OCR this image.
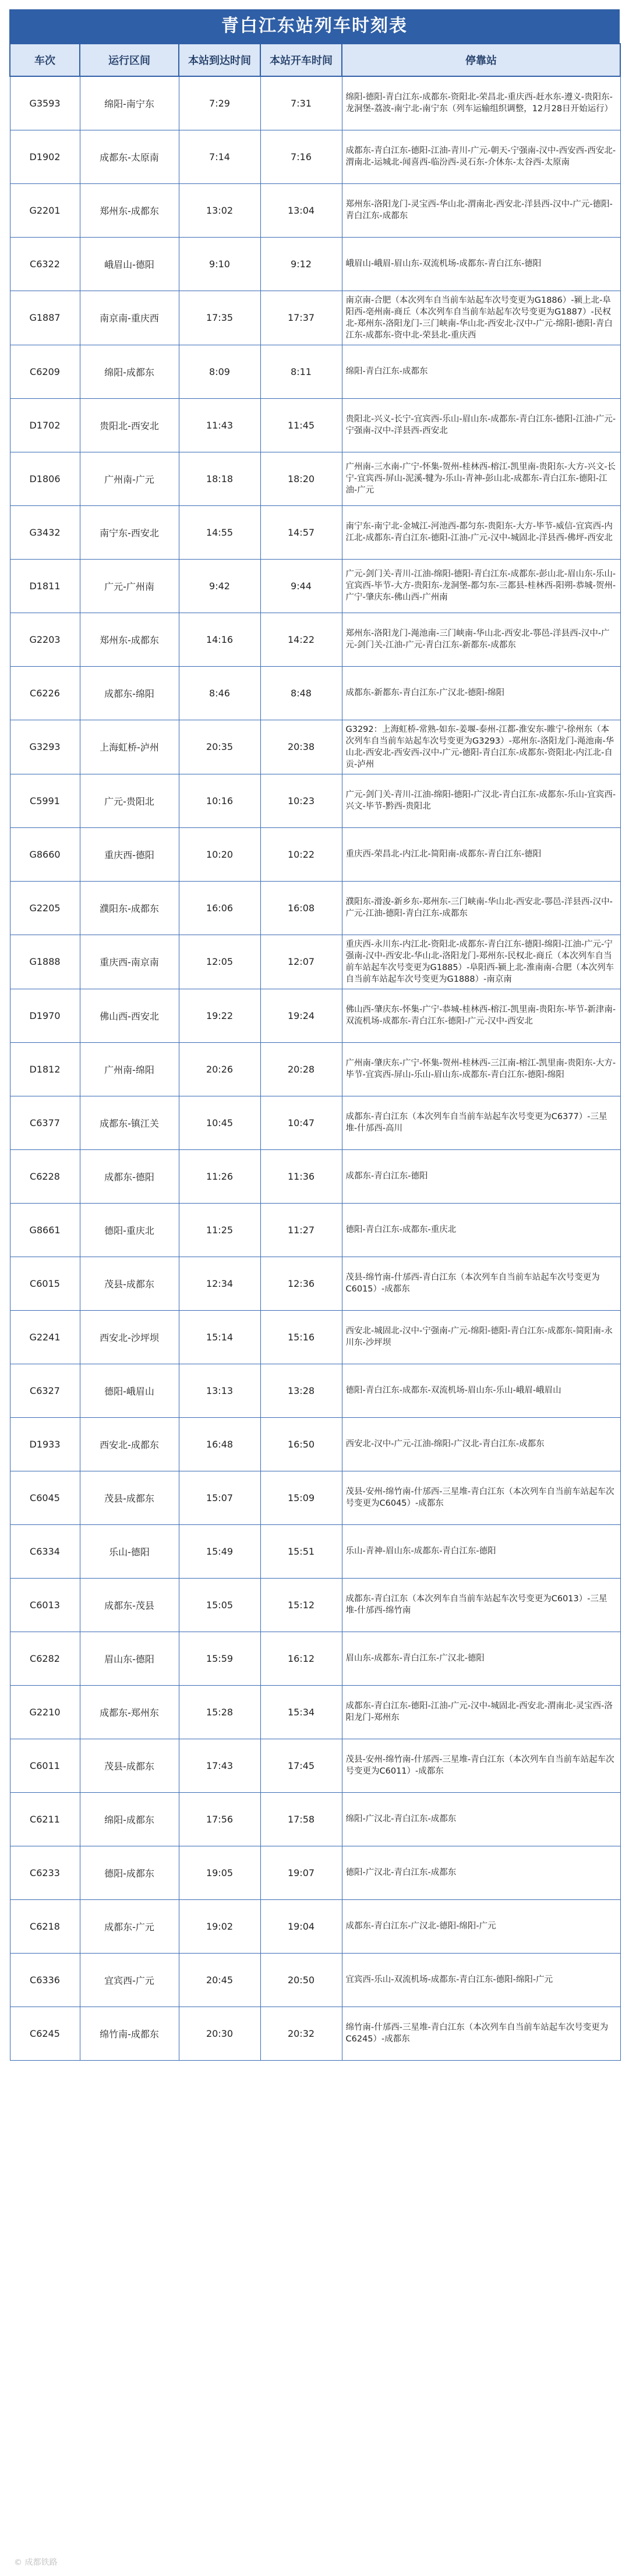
青白江东站列车时刻表
车次	运行区间	本站到达时间	本站开车时间	停靠站
G3593	绵阳-南宁东	7:29	7:31	绵阳-德阳-青白江东-成都东-资阳北-荣昌北-重庆西-赶水东-遵义-贵阳东-龙洞堡-荔波-南宁北-南宁东（列车运输组织调整，12月28日开始运行）
D1902	成都东-太原南	7:14	7:16	成都东-青白江东-德阳-江油-青川-广元-朝天-宁强南-汉中-西安西-西安北-渭南北-运城北-闻喜西-临汾西-灵石东-介休东-太谷西-太原南
G2201	郑州东-成都东	13:02	13:04	郑州东-洛阳龙门-灵宝西-华山北-渭南北-西安北-洋县西-汉中-广元-德阳-青白江东-成都东
C6322	峨眉山-德阳	9:10	9:12	峨眉山-峨眉-眉山东-双流机场-成都东-青白江东-德阳
G1887	南京南-重庆西	17:35	17:37	南京南-合肥（本次列车自当前车站起车次号变更为G1886）-颍上北-阜阳西-亳州南-商丘（本次列车自当前车站起车次号变更为G1887）-民权北-郑州东-洛阳龙门-三门峡南-华山北-西安北-汉中-广元-绵阳-德阳-青白江东-成都东-资中北-荣县北-重庆西
C6209	绵阳-成都东	8:09	8:11	绵阳-青白江东-成都东
D1702	贵阳北-西安北	11:43	11:45	贵阳北-兴义-长宁-宜宾西-乐山-眉山东-成都东-青白江东-德阳-江油-广元-宁强南-汉中-洋县西-西安北
D1806	广州南-广元	18:18	18:20	广州南-三水南-广宁-怀集-贺州-桂林西-榕江-凯里南-贵阳东-大方-兴文-长宁-宜宾西-屏山-泥溪-犍为-乐山-青神-彭山北-成都东-青白江东-德阳-江油-广元
G3432	南宁东-西安北	14:55	14:57	南宁东-南宁北-金城江-河池西-都匀东-贵阳东-大方-毕节-威信-宜宾西-内江北-成都东-青白江东-德阳-江油-广元-汉中-城固北-洋县西-佛坪-西安北
D1811	广元-广州南	9:42	9:44	广元-剑门关-青川-江油-绵阳-德阳-青白江东-成都东-彭山北-眉山东-乐山-宜宾西-毕节-大方-贵阳东-龙洞堡-都匀东-三都县-桂林西-阳朔-恭城-贺州-广宁-肇庆东-佛山西-广州南
G2203	郑州东-成都东	14:16	14:22	郑州东-洛阳龙门-渑池南-三门峡南-华山北-西安北-鄠邑-洋县西-汉中-广元-剑门关-江油-广元-青白江东-新都东-成都东
C6226	成都东-绵阳	8:46	8:48	成都东-新都东-青白江东-广汉北-德阳-绵阳
G3293	上海虹桥-泸州	20:35	20:38	G3292：上海虹桥-常熟-如东-姜堰-泰州-江都-淮安东-睢宁-徐州东（本次列车自当前车站起车次号变更为G3293）-郑州东-洛阳龙门-渑池南-华山北-西安北-西安西-汉中-广元-德阳-青白江东-成都东-资阳北-内江北-自贡-泸州
C5991	广元-贵阳北	10:16	10:23	广元-剑门关-青川-江油-绵阳-德阳-广汉北-青白江东-成都东-乐山-宜宾西-兴文-毕节-黔西-贵阳北
G8660	重庆西-德阳	10:20	10:22	重庆西-荣昌北-内江北-简阳南-成都东-青白江东-德阳
G2205	濮阳东-成都东	16:06	16:08	濮阳东-滑浚-新乡东-郑州东-三门峡南-华山北-西安北-鄠邑-洋县西-汉中-广元-江油-德阳-青白江东-成都东
G1888	重庆西-南京南	12:05	12:07	重庆西-永川东-内江北-资阳北-成都东-青白江东-德阳-绵阳-江油-广元-宁强南-汉中-西安北-华山北-洛阳龙门-郑州东-民权北-商丘（本次列车自当前车站起车次号变更为G1885）-阜阳西-颍上北-淮南南-合肥（本次列车自当前车站起车次号变更为G1888）-南京南
D1970	佛山西-西安北	19:22	19:24	佛山西-肇庆东-怀集-广宁-恭城-桂林西-榕江-凯里南-贵阳东-毕节-新津南-双流机场-成都东-青白江东-德阳-广元-汉中-西安北
D1812	广州南-绵阳	20:26	20:28	广州南-肇庆东-广宁-怀集-贺州-桂林西-三江南-榕江-凯里南-贵阳东-大方-毕节-宜宾西-屏山-乐山-眉山东-成都东-青白江东-德阳-绵阳
C6377	成都东-镇江关	10:45	10:47	成都东-青白江东（本次列车自当前车站起车次号变更为C6377）-三星堆-什邡西-高川
C6228	成都东-德阳	11:26	11:36	成都东-青白江东-德阳
G8661	德阳-重庆北	11:25	11:27	德阳-青白江东-成都东-重庆北
C6015	茂县-成都东	12:34	12:36	茂县-绵竹南-什邡西-青白江东（本次列车自当前车站起车次号变更为C6015）-成都东
G2241	西安北-沙坪坝	15:14	15:16	西安北-城固北-汉中-宁强南-广元-绵阳-德阳-青白江东-成都东-简阳南-永川东-沙坪坝
C6327	德阳-峨眉山	13:13	13:28	德阳-青白江东-成都东-双流机场-眉山东-乐山-峨眉-峨眉山
D1933	西安北-成都东	16:48	16:50	西安北-汉中-广元-江油-绵阳-广汉北-青白江东-成都东
C6045	茂县-成都东	15:07	15:09	茂县-安州-绵竹南-什邡西-三星堆-青白江东（本次列车自当前车站起车次号变更为C6045）-成都东
C6334	乐山-德阳	15:49	15:51	乐山-青神-眉山东-成都东-青白江东-德阳
C6013	成都东-茂县	15:05	15:12	成都东-青白江东（本次列车自当前车站起车次号变更为C6013）-三星堆-什邡西-绵竹南
C6282	眉山东-德阳	15:59	16:12	眉山东-成都东-青白江东-广汉北-德阳
G2210	成都东-郑州东	15:28	15:34	成都东-青白江东-德阳-江油-广元-汉中-城固北-西安北-渭南北-灵宝西-洛阳龙门-郑州东
C6011	茂县-成都东	17:43	17:45	茂县-安州-绵竹南-什邡西-三星堆-青白江东（本次列车自当前车站起车次号变更为C6011）-成都东
C6211	绵阳-成都东	17:56	17:58	绵阳-广汉北-青白江东-成都东
C6233	德阳-成都东	19:05	19:07	德阳-广汉北-青白江东-成都东
C6218	成都东-广元	19:02	19:04	成都东-青白江东-广汉北-德阳-绵阳-广元
C6336	宜宾西-广元	20:45	20:50	宜宾西-乐山-双流机场-成都东-青白江东-德阳-绵阳-广元
C6245	绵竹南-成都东	20:30	20:32	绵竹南-什邡西-三星堆-青白江东（本次列车自当前车站起车次号变更为C6245）-成都东
© 成都铁路
